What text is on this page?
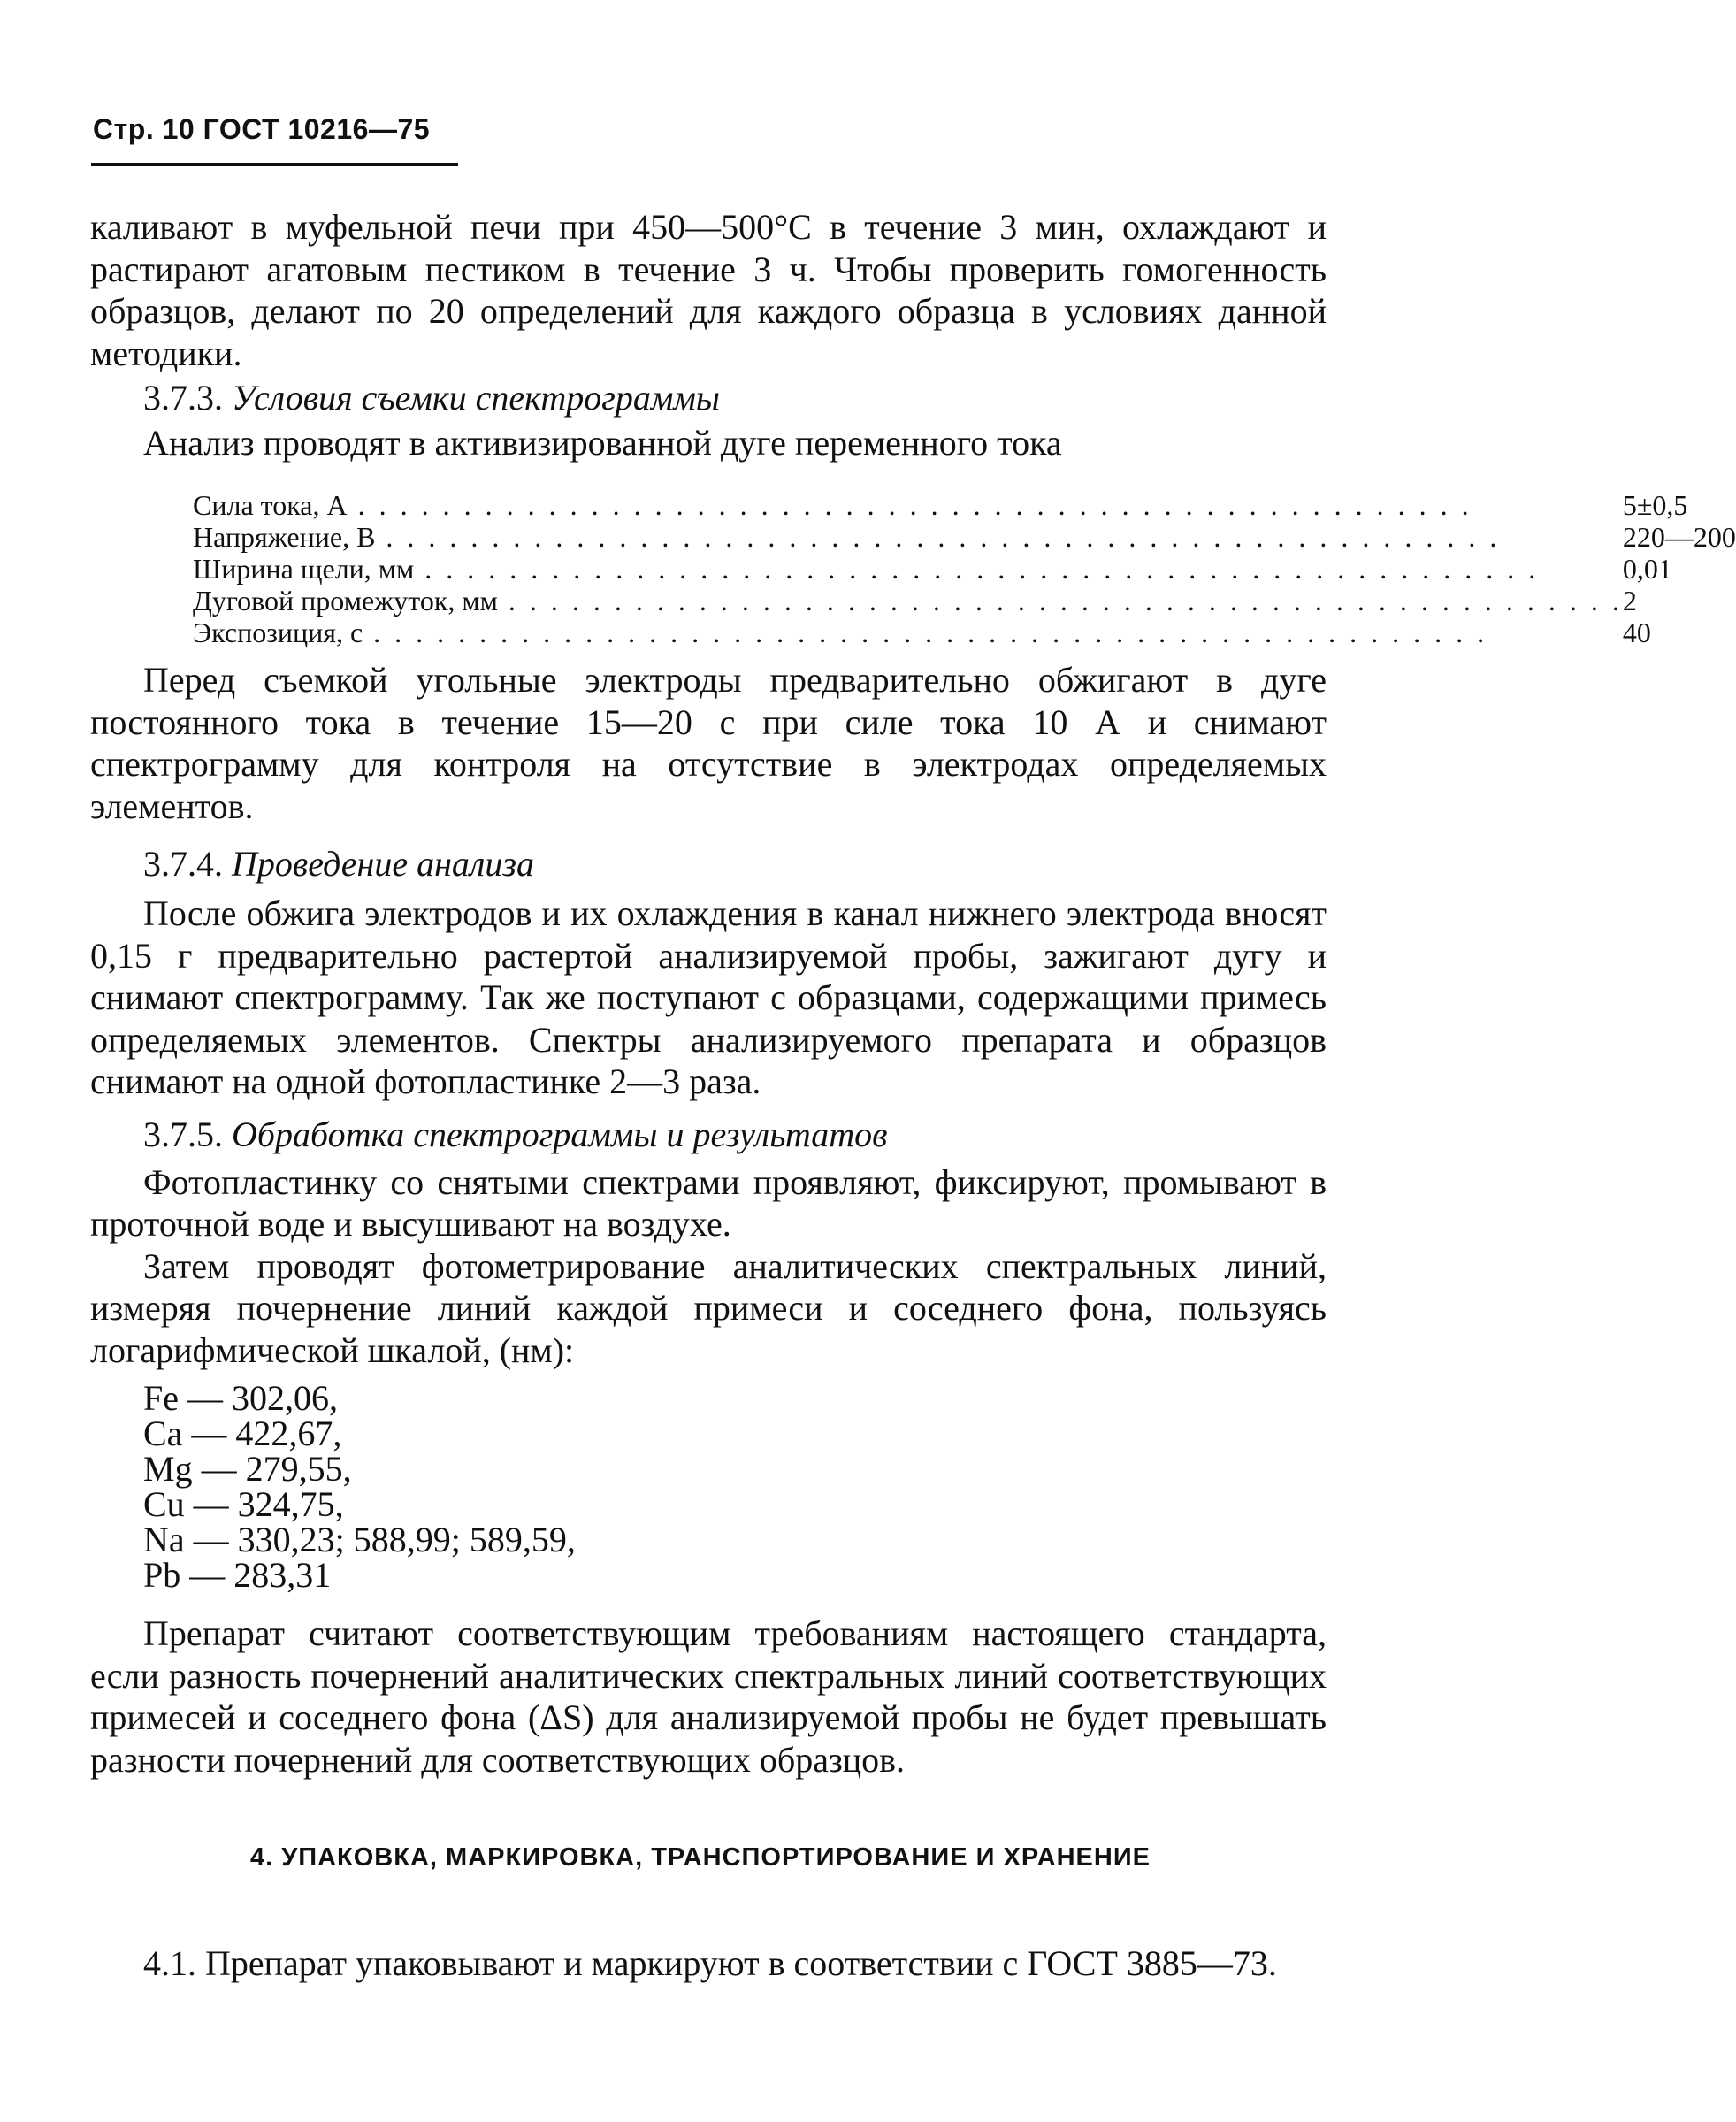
Стр. 10 ГОСТ 10216—75

каливают в муфельной печи при 450—500°С в течение 3 мин, охлаждают и растирают агатовым пестиком в течение 3 ч. Чтобы проверить гомогенность образцов, делают по 20 определений для каждого образца в условиях данной методики.

3.7.3. Условия съемки спектрограммы

Анализ проводят в активизированной дуге переменного тока

Сила тока, А . . .	5±0,5
Напряжение, В . . .	220—200
Ширина щели, мм . . .	0,01
Дуговой промежуток, мм . . .	2
Экспозиция, с . . .	40

Перед съемкой угольные электроды предварительно обжигают в дуге постоянного тока в течение 15—20 с при силе тока 10 А и снимают спектрограмму для контроля на отсутствие в электродах определяемых элементов.

3.7.4. Проведение анализа

После обжига электродов и их охлаждения в канал нижнего электрода вносят 0,15 г предварительно растертой анализируемой пробы, зажигают дугу и снимают спектрограмму. Так же поступают с образцами, содержащими примесь определяемых элементов. Спектры анализируемого препарата и образцов снимают на одной фотопластинке 2—3 раза.

3.7.5. Обработка спектрограммы и результатов

Фотопластинку со снятыми спектрами проявляют, фиксируют, промывают в проточной воде и высушивают на воздухе.

Затем проводят фотометрирование аналитических спектральных линий, измеряя почернение линий каждой примеси и соседнего фона, пользуясь логарифмической шкалой, (нм):

Fe — 302,06,
Ca — 422,67,
Mg — 279,55,
Cu — 324,75,
Na — 330,23; 588,99; 589,59,
Pb — 283,31

Препарат считают соответствующим требованиям настоящего стандарта, если разность почернений аналитических спектральных линий соответствующих примесей и соседнего фона (ΔS) для анализируемой пробы не будет превышать разности почернений для соответствующих образцов.

4. УПАКОВКА, МАРКИРОВКА, ТРАНСПОРТИРОВАНИЕ И ХРАНЕНИЕ

4.1. Препарат упаковывают и маркируют в соответствии с ГОСТ 3885—73.
